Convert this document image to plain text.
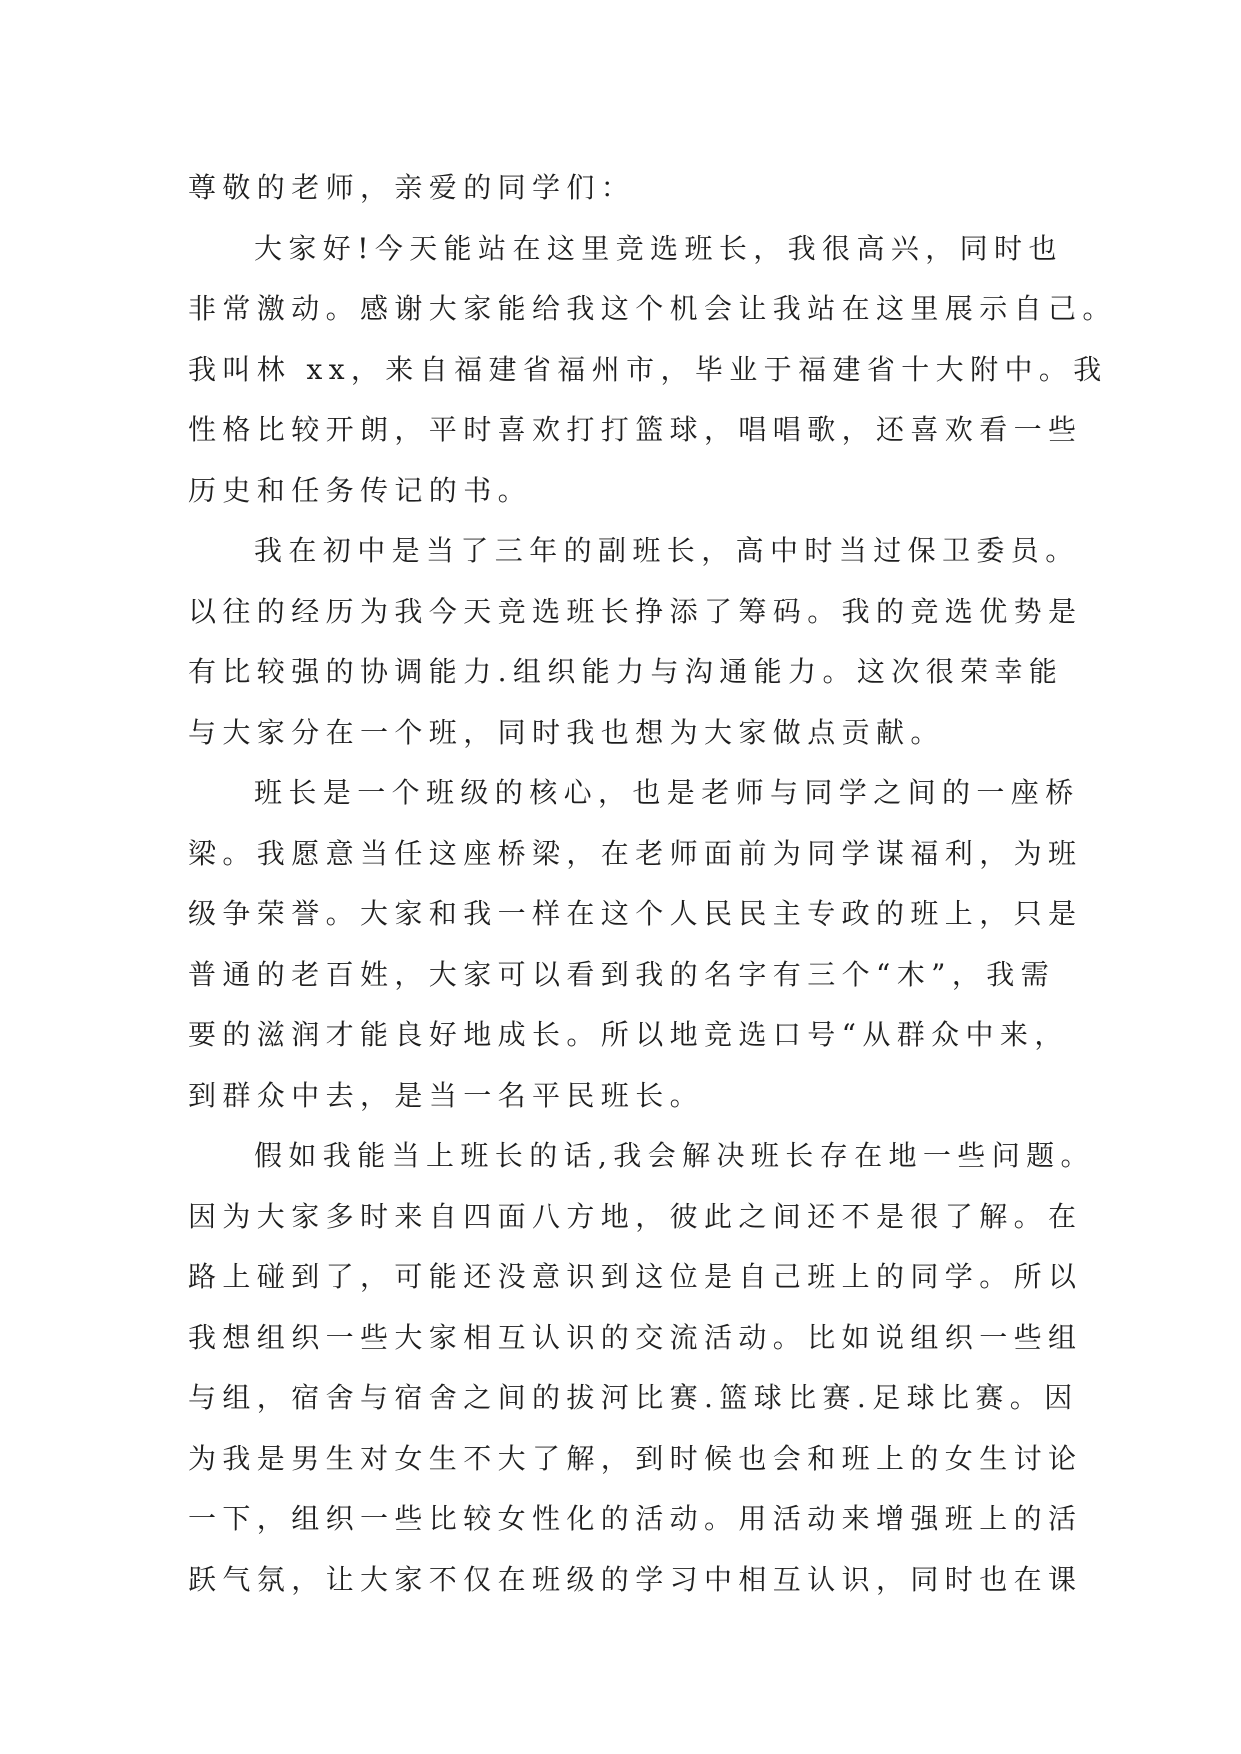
尊敬的老师，亲爱的同学们：
大家好!今天能站在这里竞选班长，我很高兴，同时也
非常激动。感谢大家能给我这个机会让我站在这里展示自己。
我叫林 xx，来自福建省福州市，毕业于福建省十大附中。我
性格比较开朗，平时喜欢打打篮球，唱唱歌，还喜欢看一些
历史和任务传记的书。
我在初中是当了三年的副班长，高中时当过保卫委员。
以往的经历为我今天竞选班长挣添了筹码。我的竞选优势是
有比较强的协调能力.组织能力与沟通能力。这次很荣幸能
与大家分在一个班，同时我也想为大家做点贡献。
班长是一个班级的核心，也是老师与同学之间的一座桥
梁。我愿意当任这座桥梁，在老师面前为同学谋福利，为班
级争荣誉。大家和我一样在这个人民民主专政的班上，只是
普通的老百姓，大家可以看到我的名字有三个“木”，我需
要的滋润才能良好地成长。所以地竞选口号“从群众中来，
到群众中去，是当一名平民班长。
假如我能当上班长的话,我会解决班长存在地一些问题。
因为大家多时来自四面八方地，彼此之间还不是很了解。在
路上碰到了，可能还没意识到这位是自己班上的同学。所以
我想组织一些大家相互认识的交流活动。比如说组织一些组
与组，宿舍与宿舍之间的拔河比赛.篮球比赛.足球比赛。因
为我是男生对女生不大了解，到时候也会和班上的女生讨论
一下，组织一些比较女性化的活动。用活动来增强班上的活
跃气氛，让大家不仅在班级的学习中相互认识，同时也在课
